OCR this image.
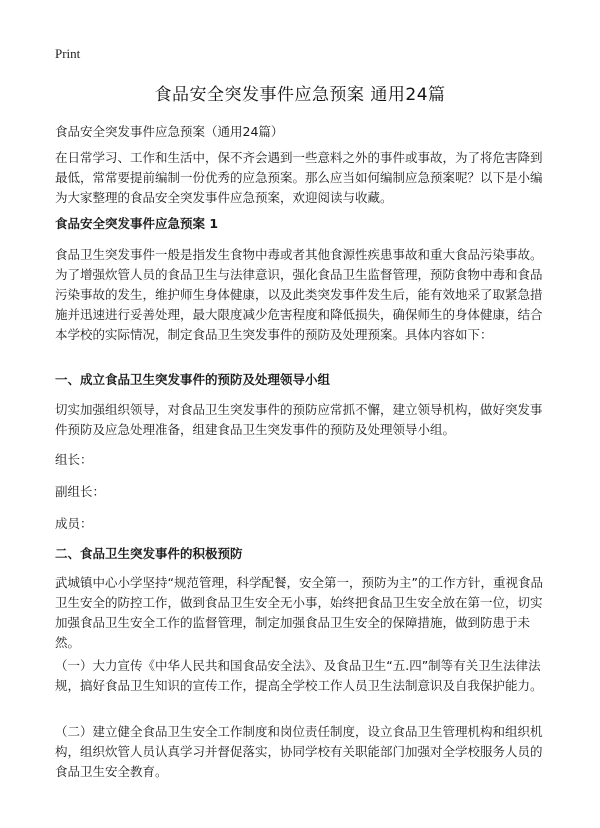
Print
食品安全突发事件应急预案 通用24篇

食品安全突发事件应急预案（通用24篇）

在日常学习、工作和生活中，保不齐会遇到一些意料之外的事件或事故，为了将危害降到最低，常常要提前编制一份优秀的应急预案。那么应当如何编制应急预案呢？以下是小编为大家整理的食品安全突发事件应急预案，欢迎阅读与收藏。

食品安全突发事件应急预案 1

食品卫生突发事件一般是指发生食物中毒或者其他食源性疾患事故和重大食品污染事故。为了增强炊管人员的食品卫生与法律意识，强化食品卫生监督管理，预防食物中毒和食品污染事故的发生，维护师生身体健康，以及此类突发事件发生后，能有效地采了取紧急措施并迅速进行妥善处理，最大限度减少危害程度和降低损失，确保师生的身体健康，结合本学校的实际情况，制定食品卫生突发事件的预防及处理预案。具体内容如下：

一、成立食品卫生突发事件的预防及处理领导小组

切实加强组织领导，对食品卫生突发事件的预防应常抓不懈，建立领导机构，做好突发事件预防及应急处理准备，组建食品卫生突发事件的预防及处理领导小组。

组长：

副组长：

成员：

二、食品卫生突发事件的积极预防

武城镇中心小学坚持“规范管理，科学配餐，安全第一，预防为主”的工作方针，重视食品卫生安全的防控工作，做到食品卫生安全无小事，始终把食品卫生安全放在第一位，切实加强食品卫生安全工作的监督管理，制定加强食品卫生安全的保障措施，做到防患于未然。

（一）大力宣传《中华人民共和国食品安全法》、及食品卫生“五.四”制等有关卫生法律法规，搞好食品卫生知识的宣传工作，提高全学校工作人员卫生法制意识及自我保护能力。

（二）建立健全食品卫生安全工作制度和岗位责任制度，设立食品卫生管理机构和组织机构，组织炊管人员认真学习并督促落实，协同学校有关职能部门加强对全学校服务人员的食品卫生安全教育。
